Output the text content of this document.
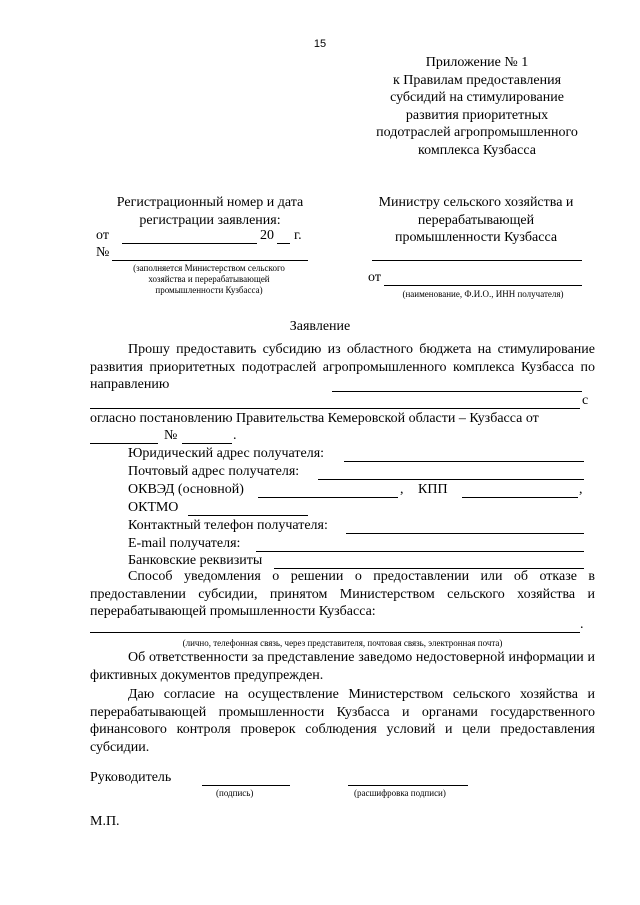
15
Приложение № 1
к Правилам предоставления
субсидий на стимулирование
развития приоритетных
подотраслей агропромышленного
комплекса Кузбасса
Регистрационный номер и дата
регистрации заявления:
от	20 г.
№
(заполняется Министерством сельского
хозяйства и перерабатывающей
промышленности Кузбасса)
Министру сельского хозяйства и
перерабатывающей
промышленности Кузбасса
от
(наименование, Ф.И.О., ИНН получателя)
Заявление
Прошу предоставить субсидию из областного бюджета на стимулирование развития приоритетных подотраслей агропромышленного комплекса Кузбасса по направлению
с
огласно постановлению Правительства Кемеровской области – Кузбасса от
№	.
Юридический адрес получателя:
Почтовый адрес получателя:
ОКВЭД (основной)	, КПП	,
ОКТМО
Контактный телефон получателя:
E-mail получателя:
Банковские реквизиты
Способ уведомления о решении о предоставлении или об отказе в предоставлении субсидии, принятом Министерством сельского хозяйства и перерабатывающей промышленности Кузбасса:
.
(лично, телефонная связь, через представителя, почтовая связь, электронная почта)
Об ответственности за представление заведомо недостоверной информации и фиктивных документов предупрежден.
Даю согласие на осуществление Министерством сельского хозяйства и перерабатывающей промышленности Кузбасса и органами государственного финансового контроля проверок соблюдения условий и цели предоставления субсидии.
Руководитель
(подпись)	(расшифровка подписи)
М.П.
